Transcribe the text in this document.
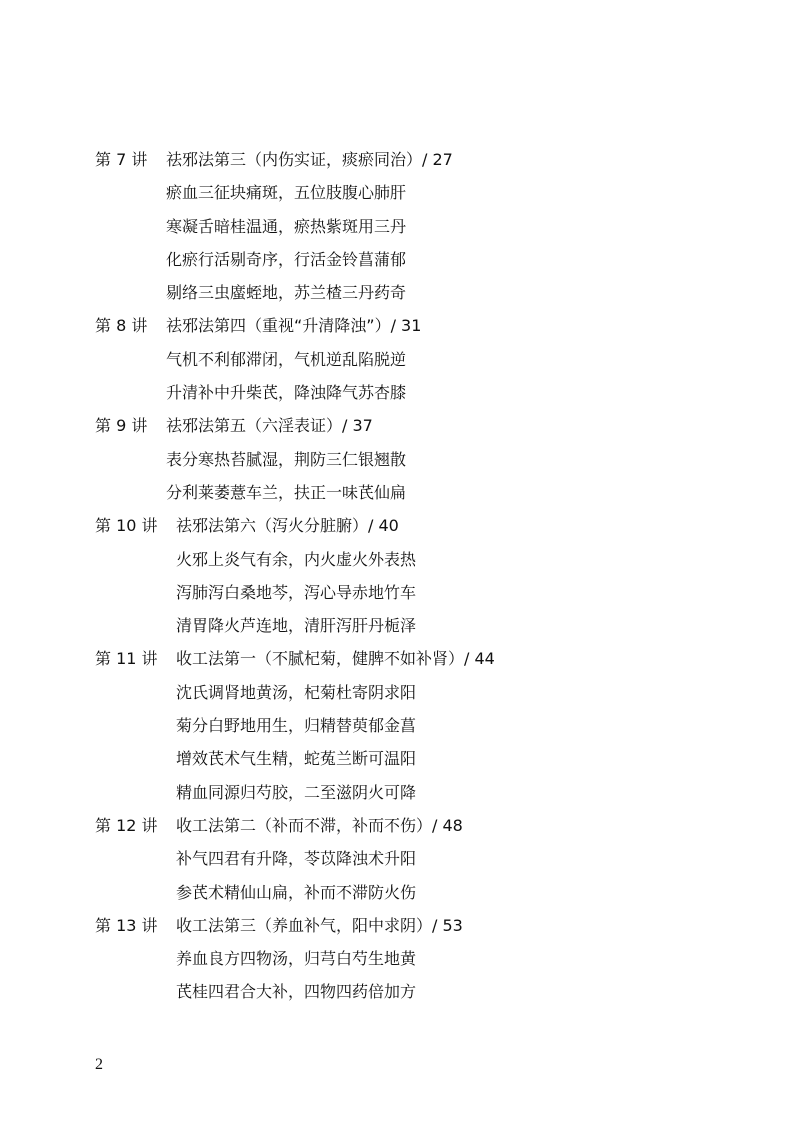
第 7 讲	祛邪法第三（内伤实证，痰瘀同治）/ 27
瘀血三征块痛斑，五位肢腹心肺肝
寒凝舌暗桂温通，瘀热紫斑用三丹
化瘀行活剔奇序，行活金铃菖蒲郁
剔络三虫䗪蛭地，苏兰楂三丹药奇
第 8 讲	祛邪法第四（重视“升清降浊”）/ 31
气机不利郁滞闭，气机逆乱陷脱逆
升清补中升柴芪，降浊降气苏杏膝
第 9 讲	祛邪法第五（六淫表证）/ 37
表分寒热苔腻湿，荆防三仁银翘散
分利莱萎薏车兰，扶正一味芪仙扁
第 10 讲	祛邪法第六（泻火分脏腑）/ 40
火邪上炎气有余，内火虚火外表热
泻肺泻白桑地芩，泻心导赤地竹车
清胃降火芦连地，清肝泻肝丹栀泽
第 11 讲	收工法第一（不腻杞菊，健脾不如补肾）/ 44
沈氏调肾地黄汤，杞菊杜寄阴求阳
菊分白野地用生，归精替萸郁金菖
增效芪术气生精，蛇菟兰断可温阳
精血同源归芍胶，二至滋阴火可降
第 12 讲	收工法第二（补而不滞，补而不伤）/ 48
补气四君有升降，苓苡降浊术升阳
参芪术精仙山扁，补而不滞防火伤
第 13 讲	收工法第三（养血补气，阳中求阴）/ 53
养血良方四物汤，归芎白芍生地黄
芪桂四君合大补，四物四药倍加方
2
